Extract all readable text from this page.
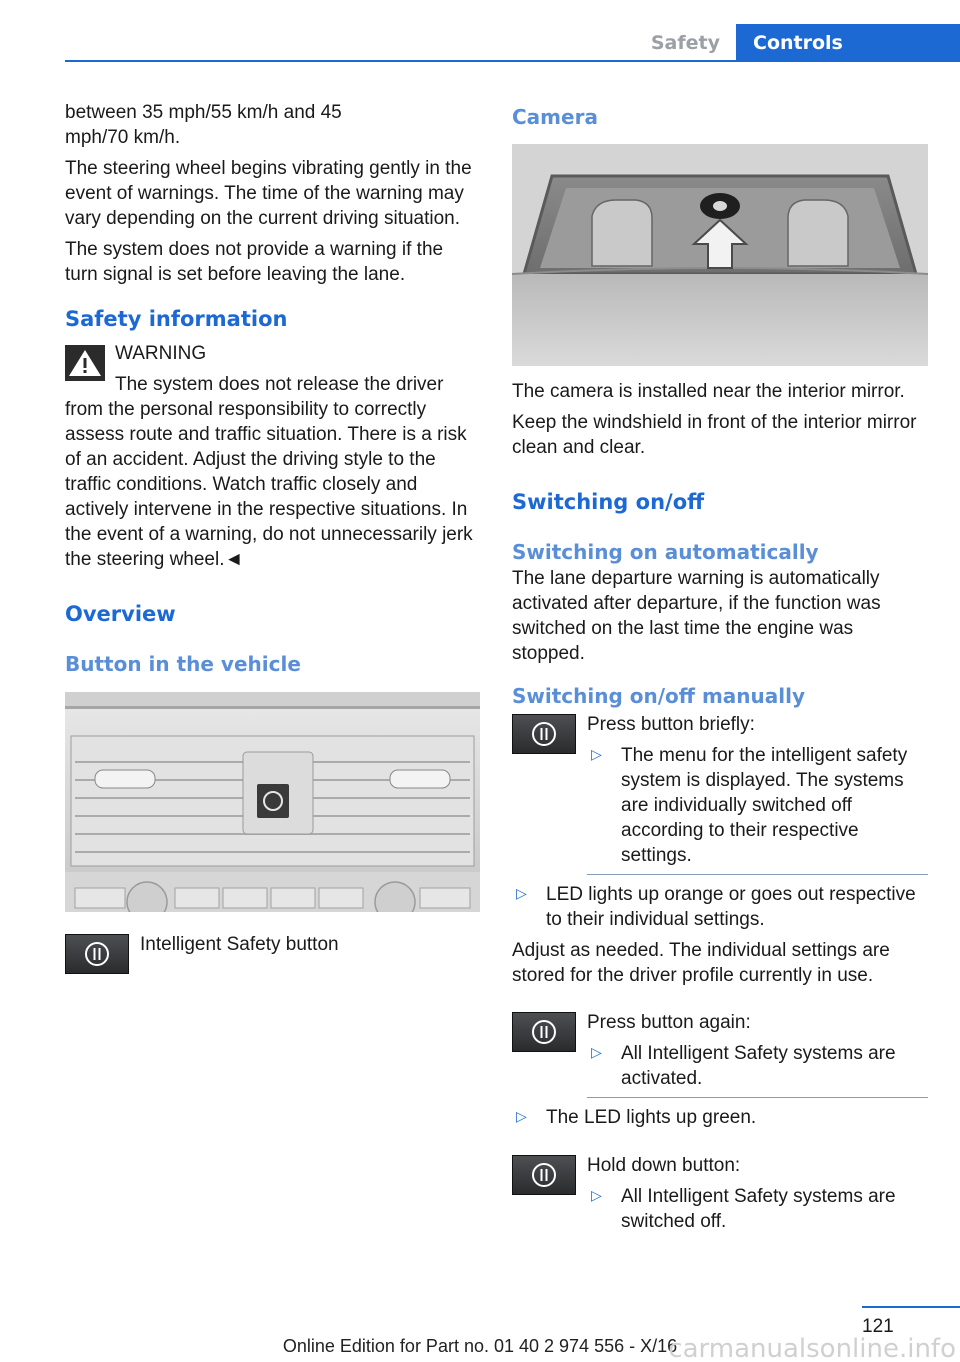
Safety	Controls
between 35 mph/55 km/h and 45 mph/70 km/h.
The steering wheel begins vibrating gently in the event of warnings. The time of the warning may vary depending on the current driving situation.
The system does not provide a warning if the turn signal is set before leaving the lane.
Safety information
WARNING
The system does not release the driver from the personal responsibility to correctly assess route and traffic situation. There is a risk of an accident. Adjust the driving style to the traffic conditions. Watch traffic closely and actively intervene in the respective situations. In the event of a warning, do not unnecessarily jerk the steering wheel.◄
Overview
Button in the vehicle
Intelligent Safety button
Camera
The camera is installed near the interior mirror.
Keep the windshield in front of the interior mirror clean and clear.
Switching on/off
Switching on automatically
The lane departure warning is automatically activated after departure, if the function was switched on the last time the engine was stopped.
Switching on/off manually
Press button briefly:
▷ The menu for the intelligent safety system is displayed. The systems are individually switched off according to their respective settings.
▷ LED lights up orange or goes out respective to their individual settings.
Adjust as needed. The individual settings are stored for the driver profile currently in use.
Press button again:
▷ All Intelligent Safety systems are activated.
▷ The LED lights up green.
Hold down button:
▷ All Intelligent Safety systems are switched off.
121
Online Edition for Part no. 01 40 2 974 556 - X/16
carmanualsonline.info
